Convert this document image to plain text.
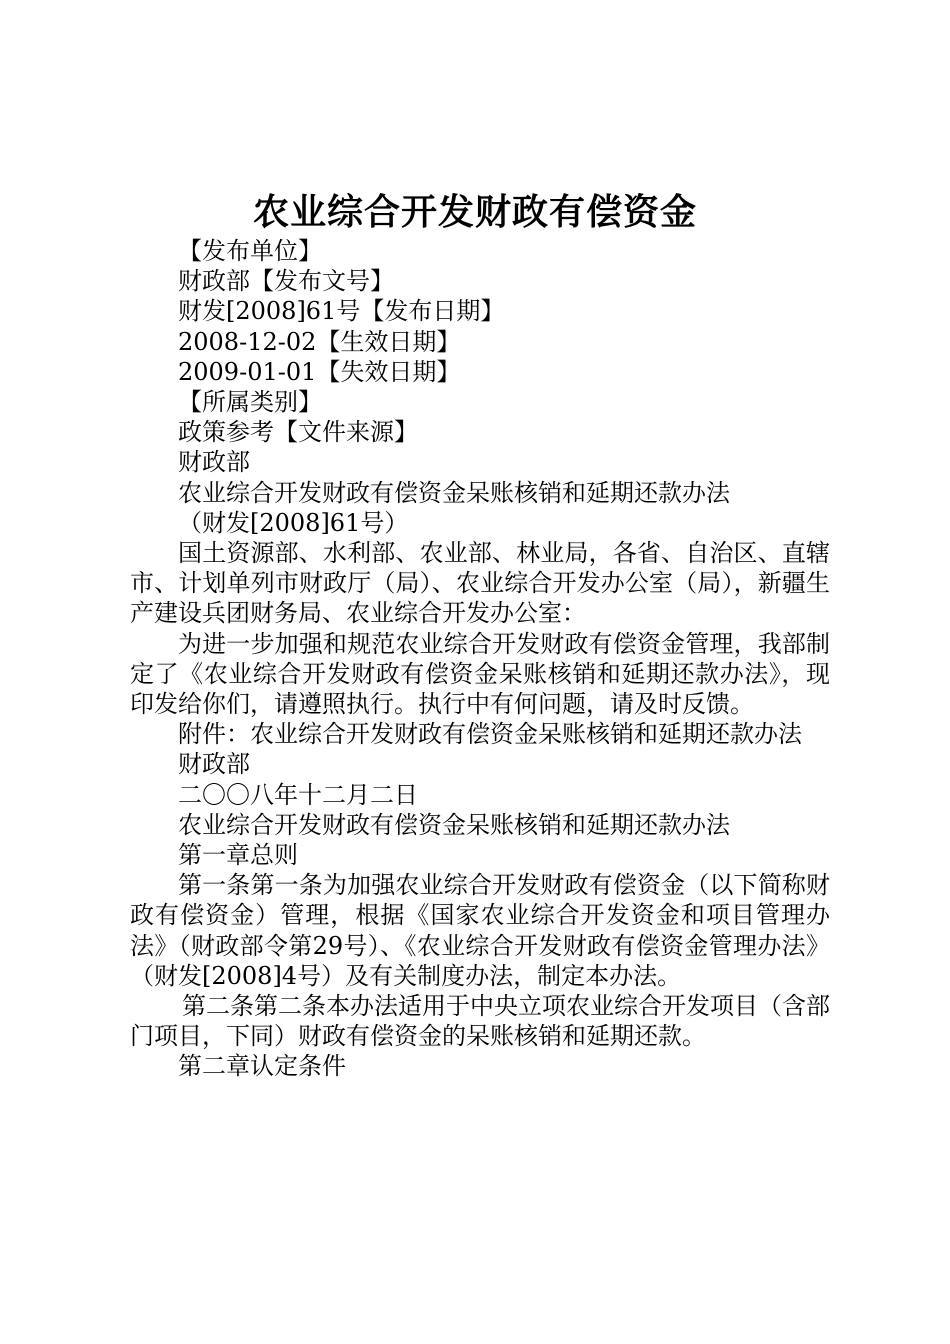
农业综合开发财政有偿资金

【发布单位】

财政部【发布文号】

财发[2008]61号【发布日期】

2008-12-02【生效日期】

2009-01-01【失效日期】

【所属类别】

政策参考【文件来源】

财政部

农业综合开发财政有偿资金呆账核销和延期还款办法

（财发[2008]61号）

国土资源部、水利部、农业部、林业局，各省、自治区、直辖市、计划单列市财政厅（局）、农业综合开发办公室（局），新疆生产建设兵团财务局、农业综合开发办公室：

为进一步加强和规范农业综合开发财政有偿资金管理，我部制定了《农业综合开发财政有偿资金呆账核销和延期还款办法》，现印发给你们，请遵照执行。执行中有何问题，请及时反馈。

附件：农业综合开发财政有偿资金呆账核销和延期还款办法

财政部

二〇〇八年十二月二日

农业综合开发财政有偿资金呆账核销和延期还款办法

第一章总则

第一条第一条为加强农业综合开发财政有偿资金（以下简称财政有偿资金）管理，根据《国家农业综合开发资金和项目管理办法》（财政部令第29号）、《农业综合开发财政有偿资金管理办法》（财发[2008]4号）及有关制度办法，制定本办法。

第二条第二条本办法适用于中央立项农业综合开发项目（含部门项目，下同）财政有偿资金的呆账核销和延期还款。

第二章认定条件
